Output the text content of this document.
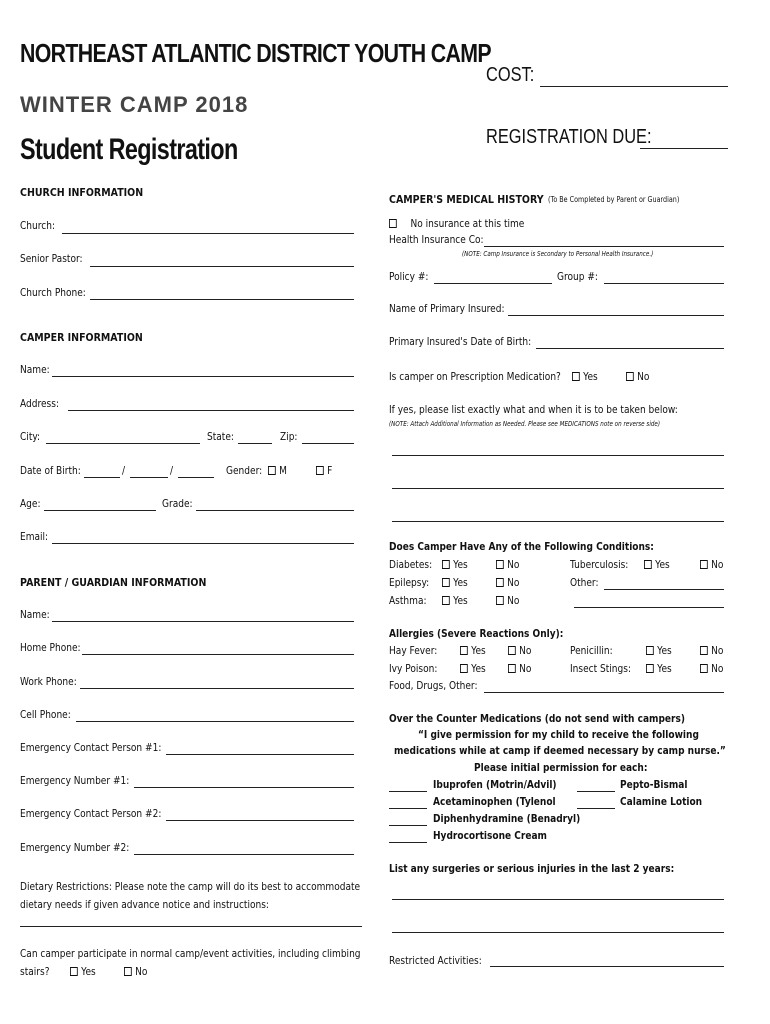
NORTHEAST ATLANTIC DISTRICT YOUTH CAMP
WINTER CAMP 2018
Student Registration
COST:
REGISTRATION DUE:
CHURCH INFORMATION
Church:
Senior Pastor:
Church Phone:
CAMPER INFORMATION
Name:
Address:
City:	State:	Zip:
Date of Birth:	/	/	Gender:	M	F
Age:	Grade:
Email:
PARENT / GUARDIAN INFORMATION
Name:
Home Phone:
Work Phone:
Cell Phone:
Emergency Contact Person #1:
Emergency Number #1:
Emergency Contact Person #2:
Emergency Number #2:
Dietary Restrictions: Please note the camp will do its best to accommodate
dietary needs if given advance notice and instructions:
Can camper participate in normal camp/event activities, including climbing
stairs?	Yes	No
CAMPER'S MEDICAL HISTORY (To Be Completed by Parent or Guardian)
No insurance at this time
Health Insurance Co:
(NOTE: Camp Insurance is Secondary to Personal Health Insurance.)
Policy #:	Group #:
Name of Primary Insured:
Primary Insured's Date of Birth:
Is camper on Prescription Medication?	Yes	No
If yes, please list exactly what and when it is to be taken below:
(NOTE: Attach Additional Information as Needed. Please see MEDICATIONS note on reverse side)
Does Camper Have Any of the Following Conditions:
Diabetes:	Yes	No	Tuberculosis:	Yes	No
Epilepsy:	Yes	No	Other:
Asthma:	Yes	No
Allergies (Severe Reactions Only):
Hay Fever:	Yes	No	Penicillin:	Yes	No
Ivy Poison:	Yes	No	Insect Stings:	Yes	No
Food, Drugs, Other:
Over the Counter Medications (do not send with campers)
“I give permission for my child to receive the following
medications while at camp if deemed necessary by camp nurse.”
Please initial permission for each:
Ibuprofen (Motrin/Advil)	Pepto-Bismal
Acetaminophen (Tylenol	Calamine Lotion
Diphenhydramine (Benadryl)
Hydrocortisone Cream
List any surgeries or serious injuries in the last 2 years:
Restricted Activities:
